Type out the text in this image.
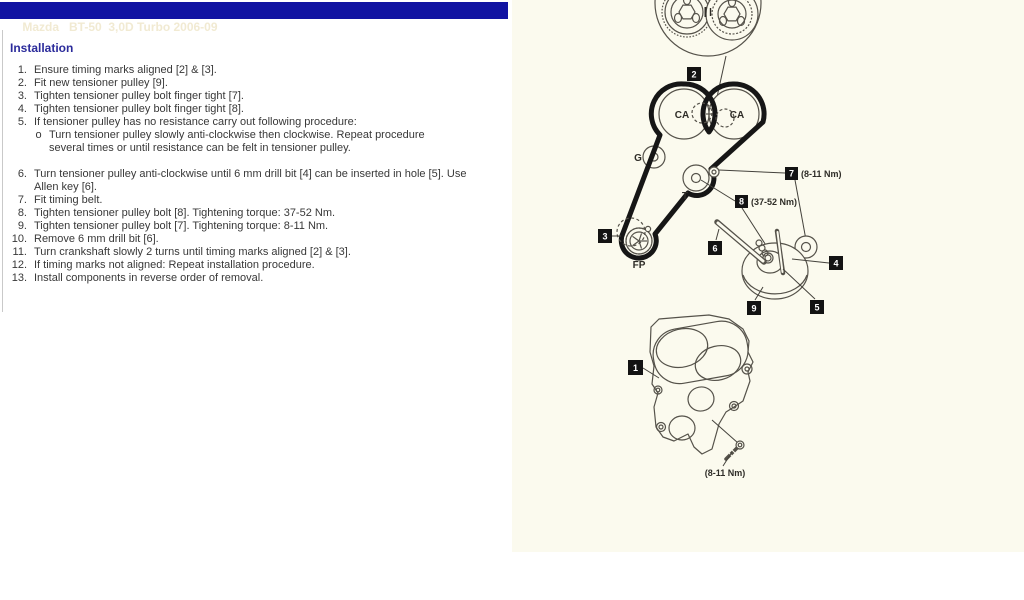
Mazda   BT-50  3,0D Turbo 2006-09

Installation
1. Ensure timing marks aligned [2] & [3].
2. Fit new tensioner pulley [9].
3. Tighten tensioner pulley bolt finger tight [7].
4. Tighten tensioner pulley bolt finger tight [8].
5. If tensioner pulley has no resistance carry out following procedure:
o Turn tensioner pulley slowly anti-clockwise then clockwise. Repeat procedure several times or until resistance can be felt in tensioner pulley.
6. Turn tensioner pulley anti-clockwise until 6 mm drill bit [4] can be inserted in hole [5]. Use Allen key [6].
7. Fit timing belt.
8. Tighten tensioner pulley bolt [8]. Tightening torque: 37-52 Nm.
9. Tighten tensioner pulley bolt [7]. Tightening torque: 8-11 Nm.
10. Remove 6 mm drill bit [6].
11. Turn crankshaft slowly 2 turns until timing marks aligned [2] & [3].
12. If timing marks not aligned: Repeat installation procedure.
13. Install components in reverse order of removal.
2
CA	CA
G
T
FP
3
7 (8-11 Nm)
8 (37-52 Nm)
6
4
5
9
1
(8-11 Nm)
